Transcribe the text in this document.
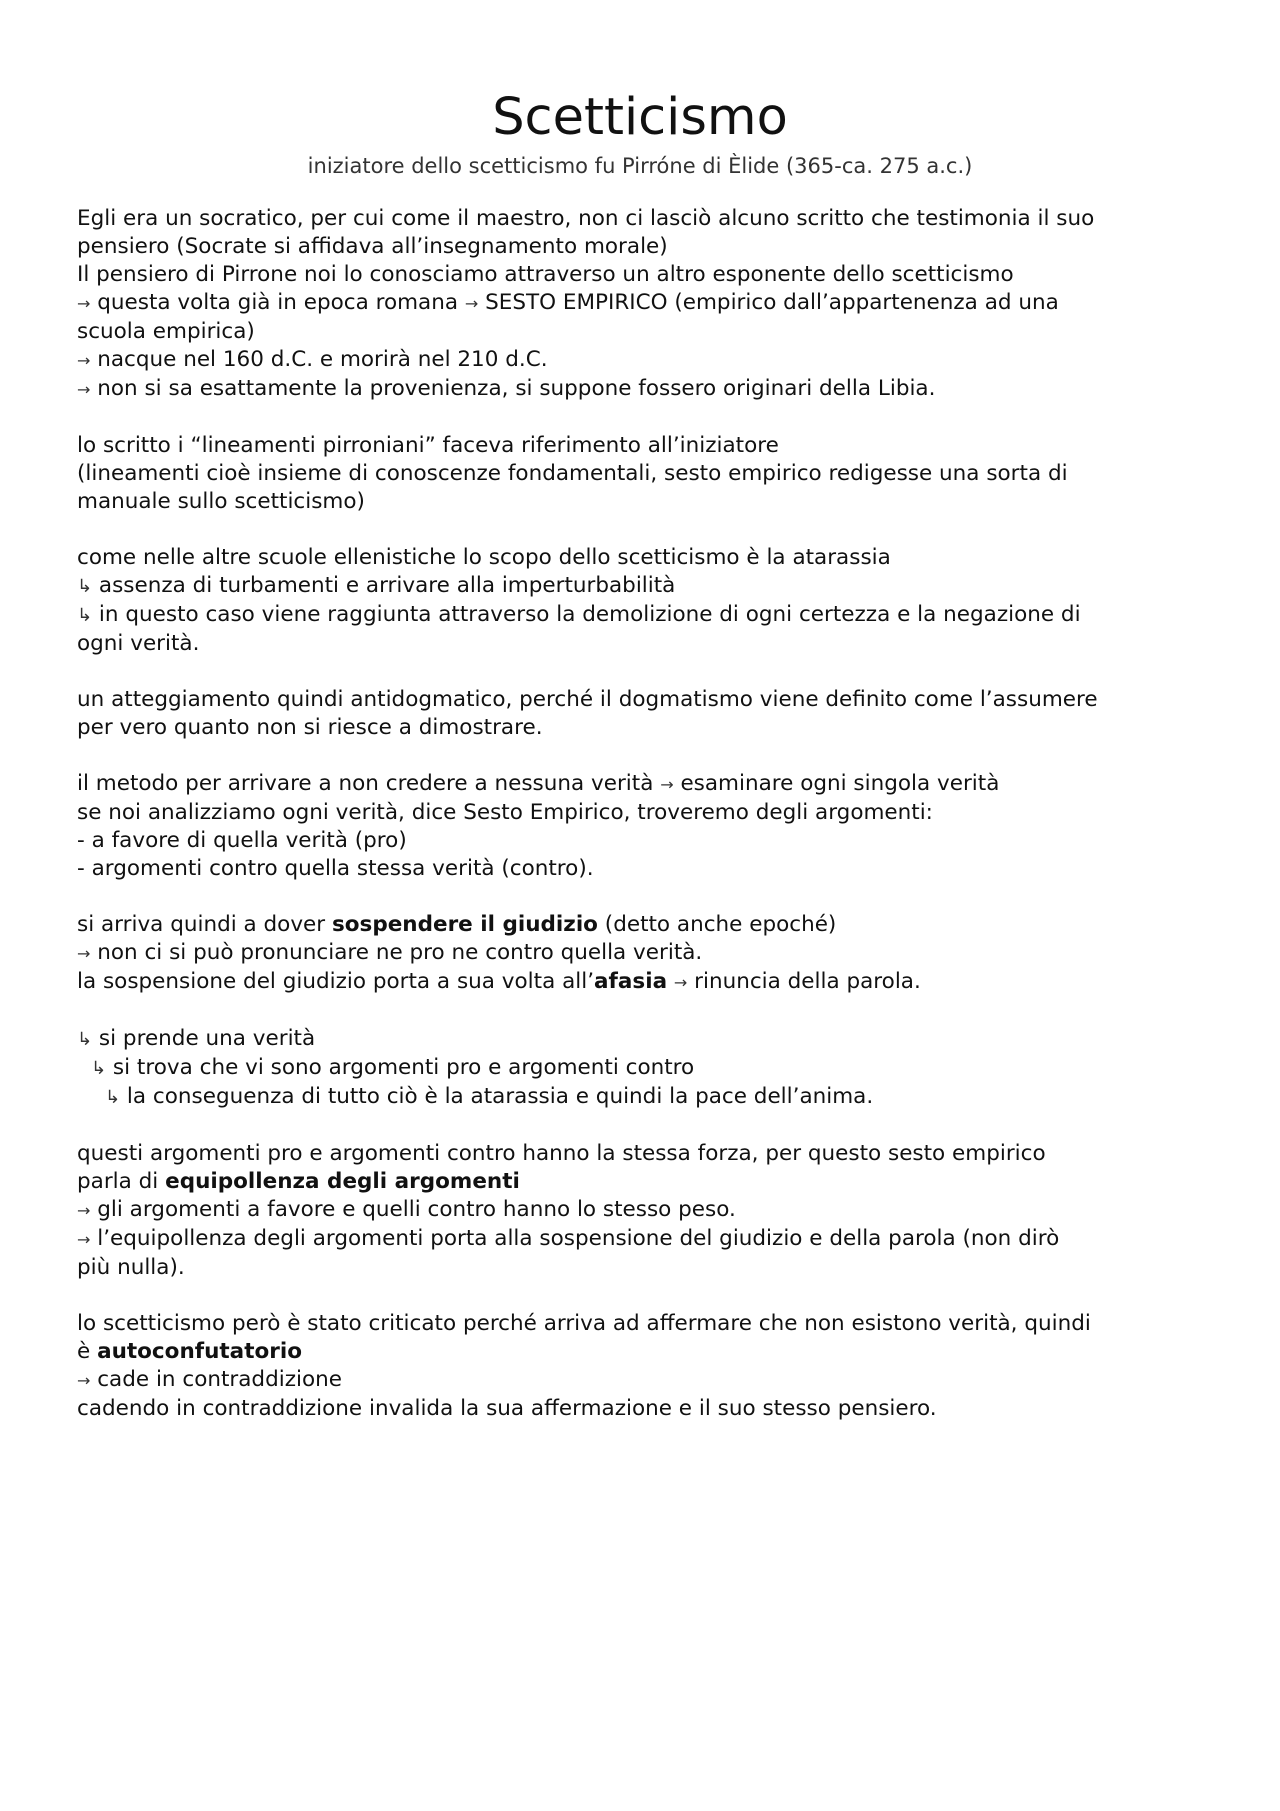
Scetticismo
iniziatore dello scetticismo fu Pirróne di Èlide (365-ca. 275 a.c.)

Egli era un socratico, per cui come il maestro, non ci lasciò alcuno scritto che testimonia il suo

pensiero (Socrate si affidava all’insegnamento morale)

Il pensiero di Pirrone noi lo conosciamo attraverso un altro esponente dello scetticismo

→ questa volta già in epoca romana → SESTO EMPIRICO (empirico dall’appartenenza ad una

scuola empirica)

→ nacque nel 160 d.C. e morirà nel 210 d.C.

→ non si sa esattamente la provenienza, si suppone fossero originari della Libia.

lo scritto i “lineamenti pirroniani” faceva riferimento all’iniziatore

(lineamenti cioè insieme di conoscenze fondamentali, sesto empirico redigesse una sorta di

manuale sullo scetticismo)

come nelle altre scuole ellenistiche lo scopo dello scetticismo è la atarassia

↳ assenza di turbamenti e arrivare alla imperturbabilità

↳ in questo caso viene raggiunta attraverso la demolizione di ogni certezza e la negazione di

ogni verità.

un atteggiamento quindi antidogmatico, perché il dogmatismo viene definito come l’assumere

per vero quanto non si riesce a dimostrare.

il metodo per arrivare a non credere a nessuna verità → esaminare ogni singola verità

se noi analizziamo ogni verità, dice Sesto Empirico, troveremo degli argomenti:

- a favore di quella verità (pro)

- argomenti contro quella stessa verità (contro).

si arriva quindi a dover sospendere il giudizio (detto anche epoché)

→ non ci si può pronunciare ne pro ne contro quella verità.

la sospensione del giudizio porta a sua volta all’afasia → rinuncia della parola.

↳ si prende una verità

↳ si trova che vi sono argomenti pro e argomenti contro

↳ la conseguenza di tutto ciò è la atarassia e quindi la pace dell’anima.

questi argomenti pro e argomenti contro hanno la stessa forza, per questo sesto empirico

parla di equipollenza degli argomenti

→ gli argomenti a favore e quelli contro hanno lo stesso peso.

→ l’equipollenza degli argomenti porta alla sospensione del giudizio e della parola (non dirò

più nulla).

lo scetticismo però è stato criticato perché arriva ad affermare che non esistono verità, quindi

è autoconfutatorio

→ cade in contraddizione

cadendo in contraddizione invalida la sua affermazione e il suo stesso pensiero.
